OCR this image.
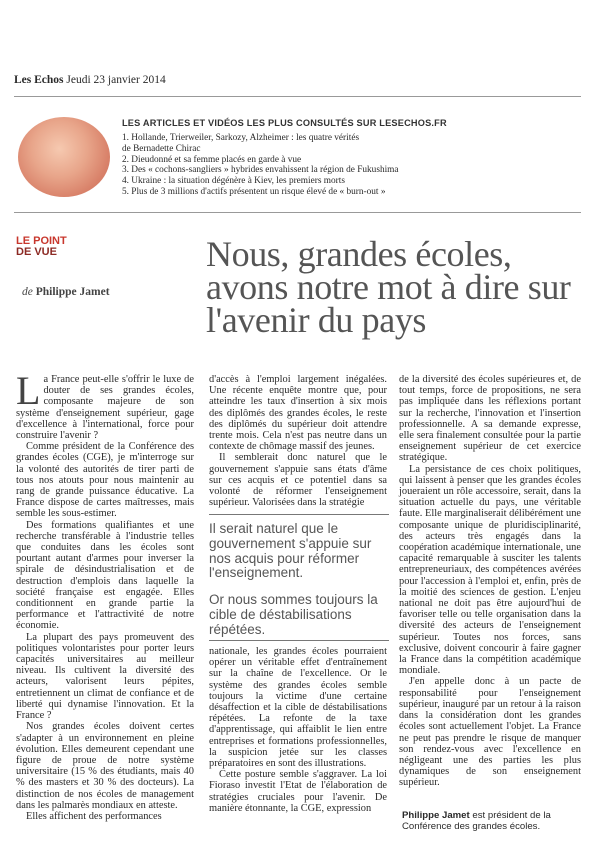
Les Echos Jeudi 23 janvier 2014
LES ARTICLES ET VIDÉOS LES PLUS CONSULTÉS SUR LESECHOS.FR
1. Hollande, Trierweiler, Sarkozy, Alzheimer : les quatre vérités
de Bernadette Chirac
2. Dieudonné et sa femme placés en garde à vue
3. Des « cochons-sangliers » hybrides envahissent la région de Fukushima
4. Ukraine : la situation dégénère à Kiev, les premiers morts
5. Plus de 3 millions d'actifs présentent un risque élevé de « burn-out »
LE POINT
DE VUE
de Philippe Jamet
Nous, grandes écoles, avons notre mot à dire sur l'avenir du pays

La France peut-elle s'offrir le luxe de douter de ses grandes écoles, composante majeure de son système d'enseignement supérieur, gage d'excellence à l'international, force pour construire l'avenir ?

Comme président de la Conférence des grandes écoles (CGE), je m'interroge sur la volonté des autorités de tirer parti de tous nos atouts pour nous maintenir au rang de grande puissance éducative. La France dispose de cartes maîtresses, mais semble les sous-estimer.

Des formations qualifiantes et une recherche transférable à l'industrie telles que conduites dans les écoles sont pourtant autant d'armes pour inverser la spirale de désindustrialisation et de destruction d'emplois dans laquelle la société française est engagée. Elles conditionnent en grande partie la performance et l'attractivité de notre économie.

La plupart des pays promeuvent des politiques volontaristes pour porter leurs capacités universitaires au meilleur niveau. Ils cultivent la diversité des acteurs, valorisent leurs pépites, entretiennent un climat de confiance et de liberté qui dynamise l'innovation. Et la France ?

Nos grandes écoles doivent certes s'adapter à un environnement en pleine évolution. Elles demeurent cependant une figure de proue de notre système universitaire (15 % des étudiants, mais 40 % des masters et 30 % des docteurs). La distinction de nos écoles de management dans les palmarès mondiaux en atteste.

Elles affichent des performances

d'accès à l'emploi largement inégalées. Une récente enquête montre que, pour atteindre les taux d'insertion à six mois des diplômés des grandes écoles, le reste des diplômés du supérieur doit attendre trente mois. Cela n'est pas neutre dans un contexte de chômage massif des jeunes.

Il semblerait donc naturel que le gouvernement s'appuie sans états d'âme sur ces acquis et ce potentiel dans sa volonté de réformer l'enseignement supérieur. Valorisées dans la stratégie

Il serait naturel que le gouvernement s'appuie sur nos acquis pour réformer l'enseignement.

Or nous sommes toujours la cible de déstabilisations répétées.

nationale, les grandes écoles pourraient opérer un véritable effet d'entraînement sur la chaîne de l'excellence. Or le système des grandes écoles semble toujours la victime d'une certaine désaffection et la cible de déstabilisations répétées. La refonte de la taxe d'apprentissage, qui affaiblit le lien entre entreprises et formations professionnelles, la suspicion jetée sur les classes préparatoires en sont des illustrations.

Cette posture semble s'aggraver. La loi Fioraso investit l'Etat de l'élaboration de stratégies cruciales pour l'avenir. De manière étonnante, la CGE, expression

de la diversité des écoles supérieures et, de tout temps, force de propositions, ne sera pas impliquée dans les réflexions portant sur la recherche, l'innovation et l'insertion professionnelle. A sa demande expresse, elle sera finalement consultée pour la partie enseignement supérieur de cet exercice stratégique.

La persistance de ces choix politiques, qui laissent à penser que les grandes écoles joueraient un rôle accessoire, serait, dans la situation actuelle du pays, une véritable faute. Elle marginaliserait délibérément une composante unique de pluridisciplinarité, des acteurs très engagés dans la coopération académique internationale, une capacité remarquable à susciter les talents entrepreneuriaux, des compétences avérées pour l'accession à l'emploi et, enfin, près de la moitié des sciences de gestion. L'enjeu national ne doit pas être aujourd'hui de favoriser telle ou telle organisation dans la diversité des acteurs de l'enseignement supérieur. Toutes nos forces, sans exclusive, doivent concourir à faire gagner la France dans la compétition académique mondiale.

J'en appelle donc à un pacte de responsabilité pour l'enseignement supérieur, inauguré par un retour à la raison dans la considération dont les grandes écoles sont actuellement l'objet. La France ne peut pas prendre le risque de manquer son rendez-vous avec l'excellence en négligeant une des parties les plus dynamiques de son enseignement supérieur.

Philippe Jamet est président de la Conférence des grandes écoles.
